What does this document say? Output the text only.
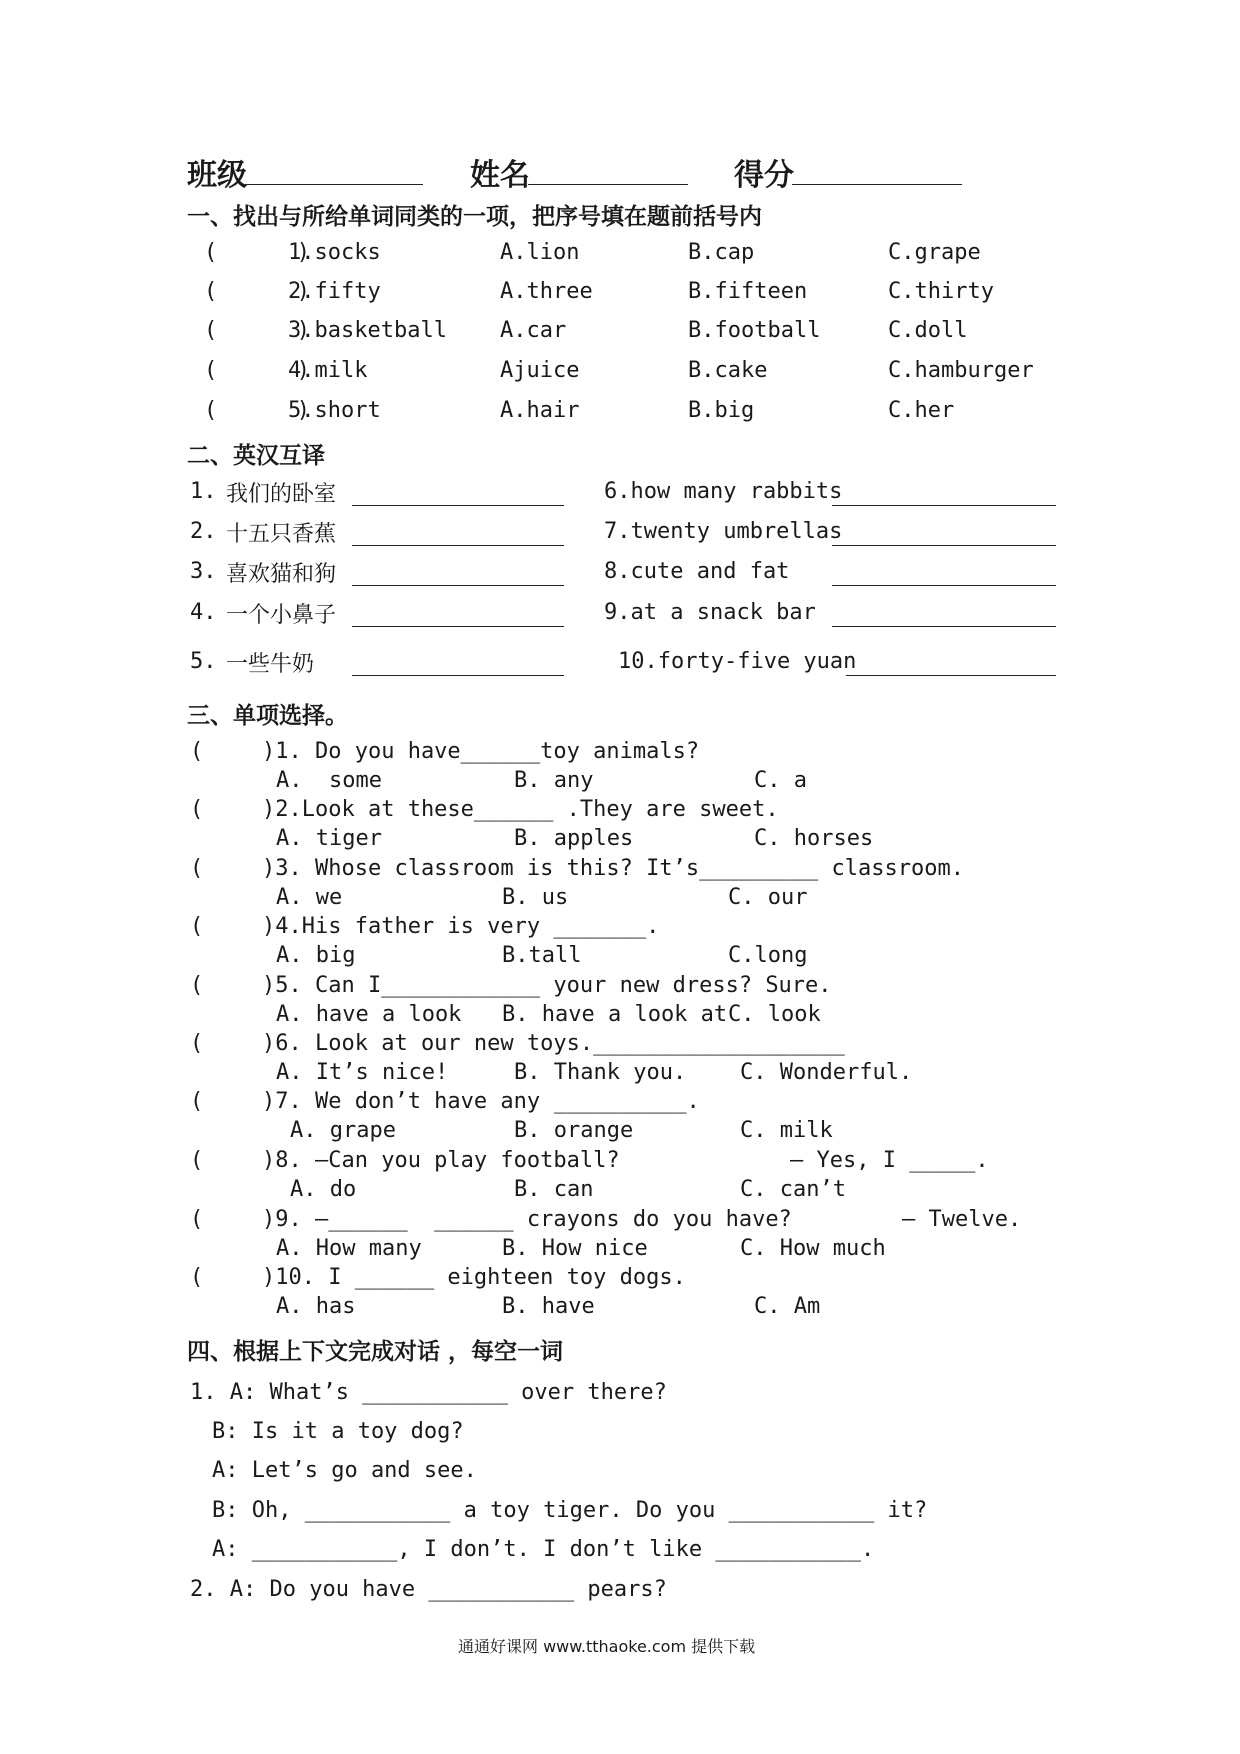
班级	姓名	得分
一、找出与所给单词同类的一项，把序号填在题前括号内
(      )
1.socks	A.lion	B.cap	C.grape
(      )
2.fifty	A.three	B.fifteen	C.thirty
(      )
3.basketball A.car	B.football	C.doll
(      )
4.milk	Ajuice	B.cake	C.hamburger
(      )
5.short	A.hair	B.big	C.her
二、英汉互译
1. 我们的卧室
2. 十五只香蕉
3. 喜欢猫和狗
4. 一个小鼻子
5. 一些牛奶
6.how many rabbits
7.twenty umbrellas
8.cute and fat
9.at a snack bar
10.forty-five yuan
三、单项选择。
(	)1. Do you have______toy animals?
A.  some	B. any	C. a
(	)2.Look at these______ .They are sweet.
A. tiger	B. apples	C. horses
(	)3. Whose classroom is this? It’s_________ classroom.
A. we	B. us	C. our
(	)4.His father is very _______.
A. big	B.tall	C.long
(	)5. Can I____________ your new dress? Sure.
A. have a look B. have a look at C. look
(	)6. Look at our new toys.___________________
A. It’s nice!	B. Thank you. C. Wonderful.
(	)7. We don’t have any __________.
A. grape	B. orange	C. milk
(	)8. —Can you play football?	— Yes, I _____.
A. do	B. can	C. can’t
(	)9. —______  ______ crayons do you have?	— Twelve.
A. How many	B. How nice	C. How much
(	)10. I ______ eighteen toy dogs.
A. has	B. have	C. Am
四、根据上下文完成对话 ，每空一词
1. A: What’s ___________ over there?
B: Is it a toy dog?
A: Let’s go and see.
B: Oh, ___________ a toy tiger. Do you ___________ it?
A: ___________, I don’t. I don’t like ___________.
2. A: Do you have ___________ pears?
通通好课网 www.tthaoke.com 提供下载
